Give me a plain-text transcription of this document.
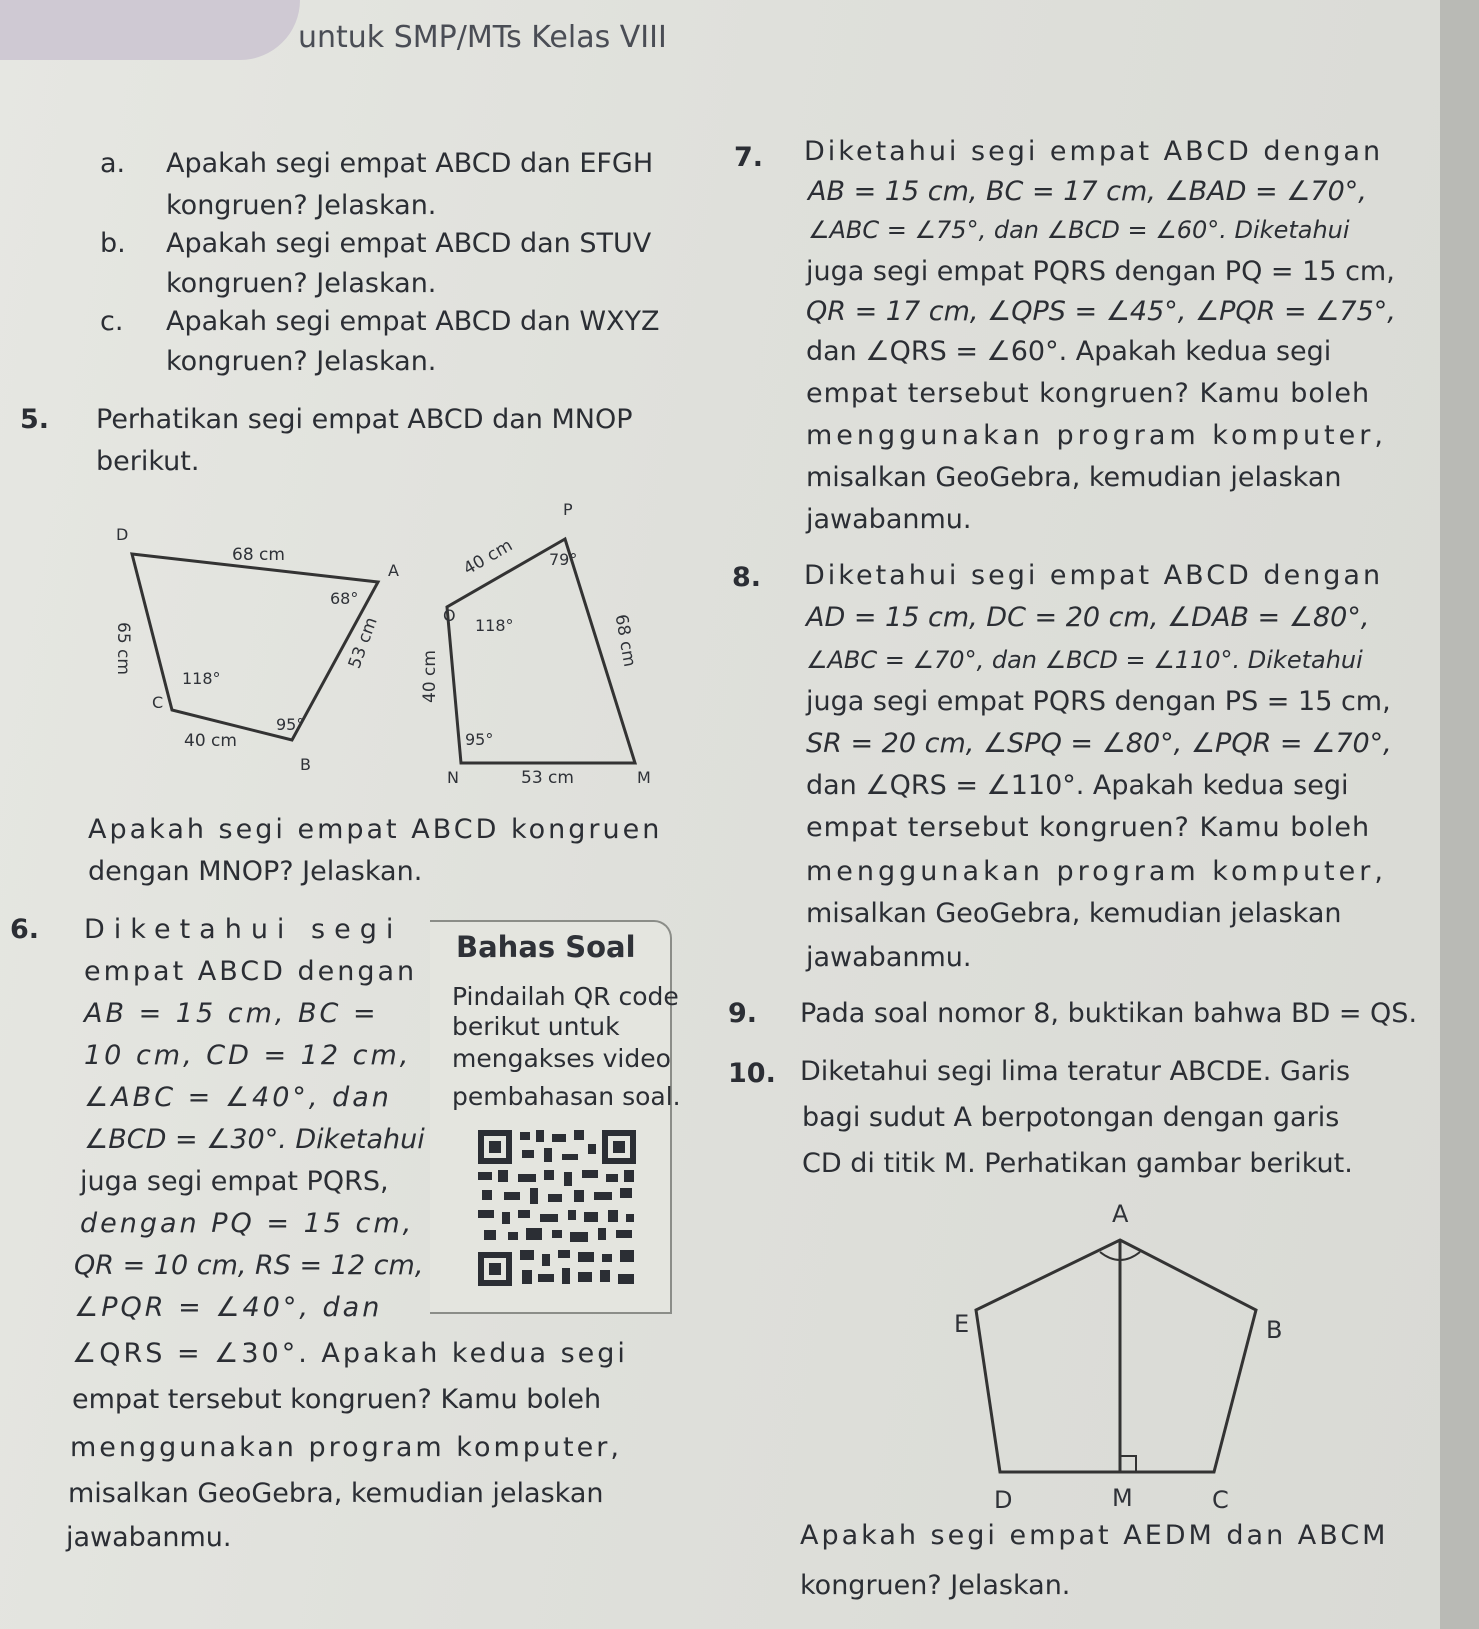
untuk SMP/MTs Kelas VIII
a. Apakah segi empat ABCD dan EFGH
kongruen? Jelaskan.
b. Apakah segi empat ABCD dan STUV
kongruen? Jelaskan.
c. Apakah segi empat ABCD dan WXYZ
kongruen? Jelaskan.
5. Perhatikan segi empat ABCD dan MNOP
berikut.
D
A
C
B
68 cm
65 cm	53 cm
40 cm
68°
118°
95°
P
O
N	M
40 cm
68 cm
40 cm
53 cm
79°
118°
95°
Apakah segi empat ABCD kongruen
dengan MNOP? Jelaskan.
6. Diketahui segi
empat ABCD dengan
AB = 15 cm, BC =
10 cm, CD = 12 cm,
∠ABC = ∠40°, dan
∠BCD = ∠30°. Diketahui
juga segi empat PQRS,
dengan PQ = 15 cm,
QR = 10 cm, RS = 12 cm,
∠PQR = ∠40°, dan
∠QRS = ∠30°. Apakah kedua segi
empat tersebut kongruen? Kamu boleh
menggunakan program komputer,
misalkan GeoGebra, kemudian jelaskan
jawabanmu.
Bahas Soal
Pindailah QR code
berikut untuk
mengakses video
pembahasan soal.
7. Diketahui segi empat ABCD dengan
AB = 15 cm, BC = 17 cm, ∠BAD = ∠70°,
∠ABC = ∠75°, dan ∠BCD = ∠60°. Diketahui
juga segi empat PQRS dengan PQ = 15 cm,
QR = 17 cm, ∠QPS = ∠45°, ∠PQR = ∠75°,
dan ∠QRS = ∠60°. Apakah kedua segi
empat tersebut kongruen? Kamu boleh
menggunakan program komputer,
misalkan GeoGebra, kemudian jelaskan
jawabanmu.
8. Diketahui segi empat ABCD dengan
AD = 15 cm, DC = 20 cm, ∠DAB = ∠80°,
∠ABC = ∠70°, dan ∠BCD = ∠110°. Diketahui
juga segi empat PQRS dengan PS = 15 cm,
SR = 20 cm, ∠SPQ = ∠80°, ∠PQR = ∠70°,
dan ∠QRS = ∠110°. Apakah kedua segi
empat tersebut kongruen? Kamu boleh
menggunakan program komputer,
misalkan GeoGebra, kemudian jelaskan
jawabanmu.
9. Pada soal nomor 8, buktikan bahwa BD = QS.
10. Diketahui segi lima teratur ABCDE. Garis
bagi sudut A berpotongan dengan garis
CD di titik M. Perhatikan gambar berikut.
A
B
C
D
E
M
Apakah segi empat AEDM dan ABCM
kongruen? Jelaskan.
